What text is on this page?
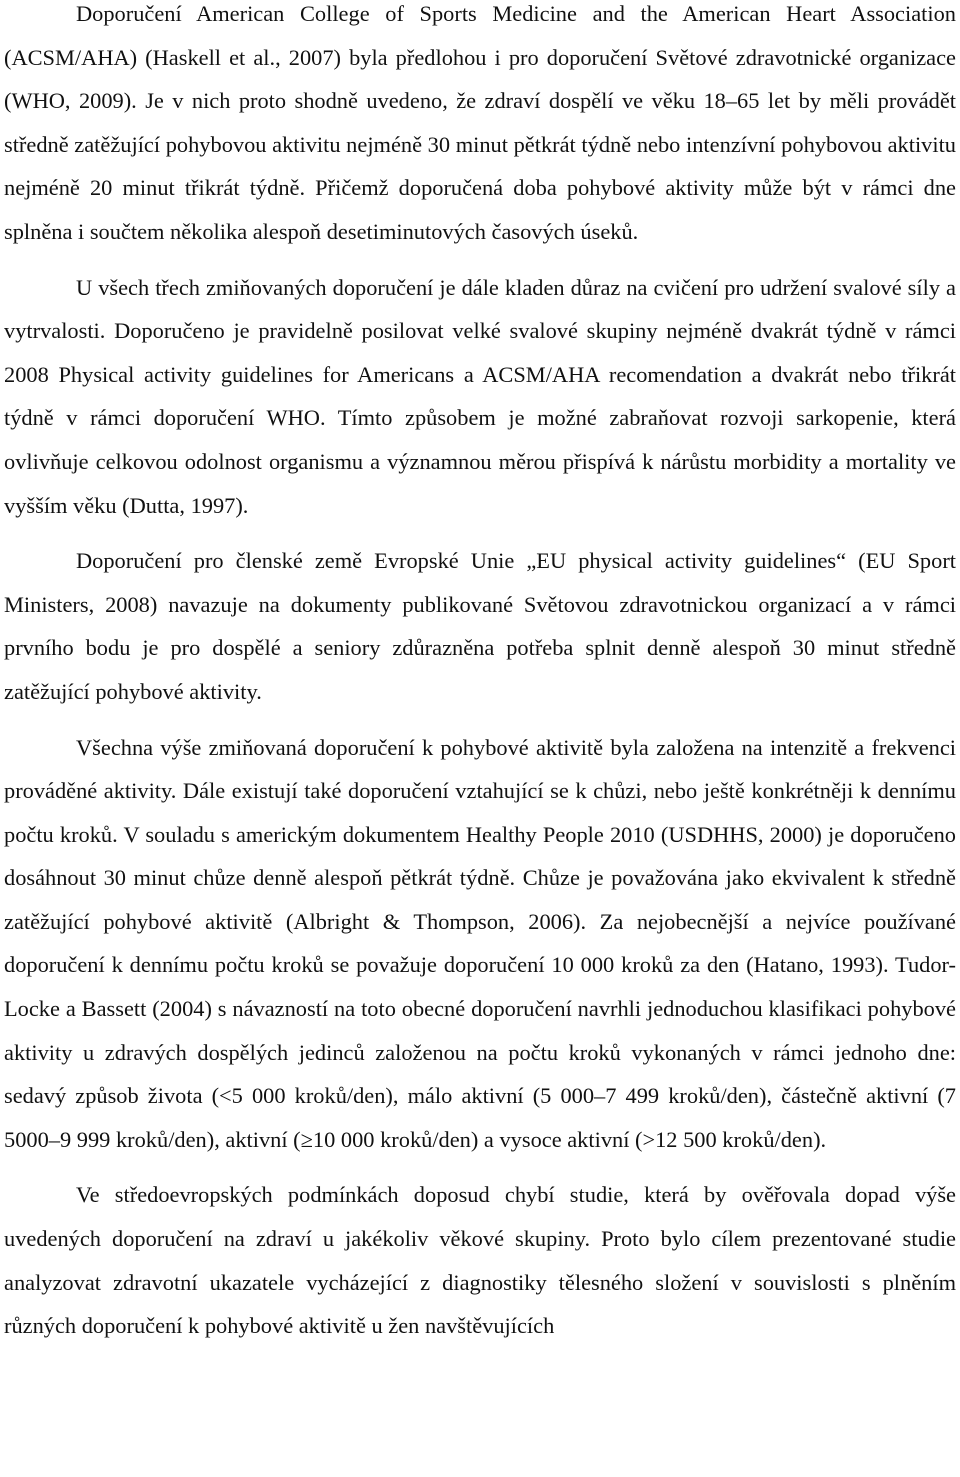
Doporučení American College of Sports Medicine and the American Heart Association (ACSM/AHA) (Haskell et al., 2007) byla předlohou i pro doporučení Světové zdravotnické organizace (WHO, 2009). Je v nich proto shodně uvedeno, že zdraví dospělí ve věku 18–65 let by měli provádět středně zatěžující pohybovou aktivitu nejméně 30 minut pětkrát týdně nebo intenzívní pohybovou aktivitu nejméně 20 minut třikrát týdně. Přičemž doporučená doba pohybové aktivity může být v rámci dne splněna i součtem několika alespoň desetiminutových časových úseků.

U všech třech zmiňovaných doporučení je dále kladen důraz na cvičení pro udržení svalové síly a vytrvalosti. Doporučeno je pravidelně posilovat velké svalové skupiny nejméně dvakrát týdně v rámci 2008 Physical activity guidelines for Americans a ACSM/AHA recomendation a dvakrát nebo třikrát týdně v rámci doporučení WHO. Tímto způsobem je možné zabraňovat rozvoji sarkopenie, která ovlivňuje celkovou odolnost organismu a významnou měrou přispívá k nárůstu morbidity a mortality ve vyšším věku (Dutta, 1997).

Doporučení pro členské země Evropské Unie „EU physical activity guidelines“ (EU Sport Ministers, 2008) navazuje na dokumenty publikované Světovou zdravotnickou organizací a v rámci prvního bodu je pro dospělé a seniory zdůrazněna potřeba splnit denně alespoň 30 minut středně zatěžující pohybové aktivity.

Všechna výše zmiňovaná doporučení k pohybové aktivitě byla založena na intenzitě a frekvenci prováděné aktivity. Dále existují také doporučení vztahující se k chůzi, nebo ještě konkrétněji k dennímu počtu kroků. V souladu s americkým dokumentem Healthy People 2010 (USDHHS, 2000) je doporučeno dosáhnout 30 minut chůze denně alespoň pětkrát týdně. Chůze je považována jako ekvivalent k středně zatěžující pohybové aktivitě (Albright & Thompson, 2006). Za nejobecnější a nejvíce používané doporučení k dennímu počtu kroků se považuje doporučení 10 000 kroků za den (Hatano, 1993). Tudor-Locke a Bassett (2004) s návazností na toto obecné doporučení navrhli jednoduchou klasifikaci pohybové aktivity u zdravých dospělých jedinců založenou na počtu kroků vykonaných v rámci jednoho dne: sedavý způsob života (<5 000 kroků/den), málo aktivní (5 000–7 499 kroků/den), částečně aktivní (7 5000–9 999 kroků/den), aktivní (≥10 000 kroků/den) a vysoce aktivní (>12 500 kroků/den).

Ve středoevropských podmínkách doposud chybí studie, která by ověřovala dopad výše uvedených doporučení na zdraví u jakékoliv věkové skupiny. Proto bylo cílem prezentované studie analyzovat zdravotní ukazatele vycházející z diagnostiky tělesného složení v souvislosti s plněním různých doporučení k pohybové aktivitě u žen navštěvujících
